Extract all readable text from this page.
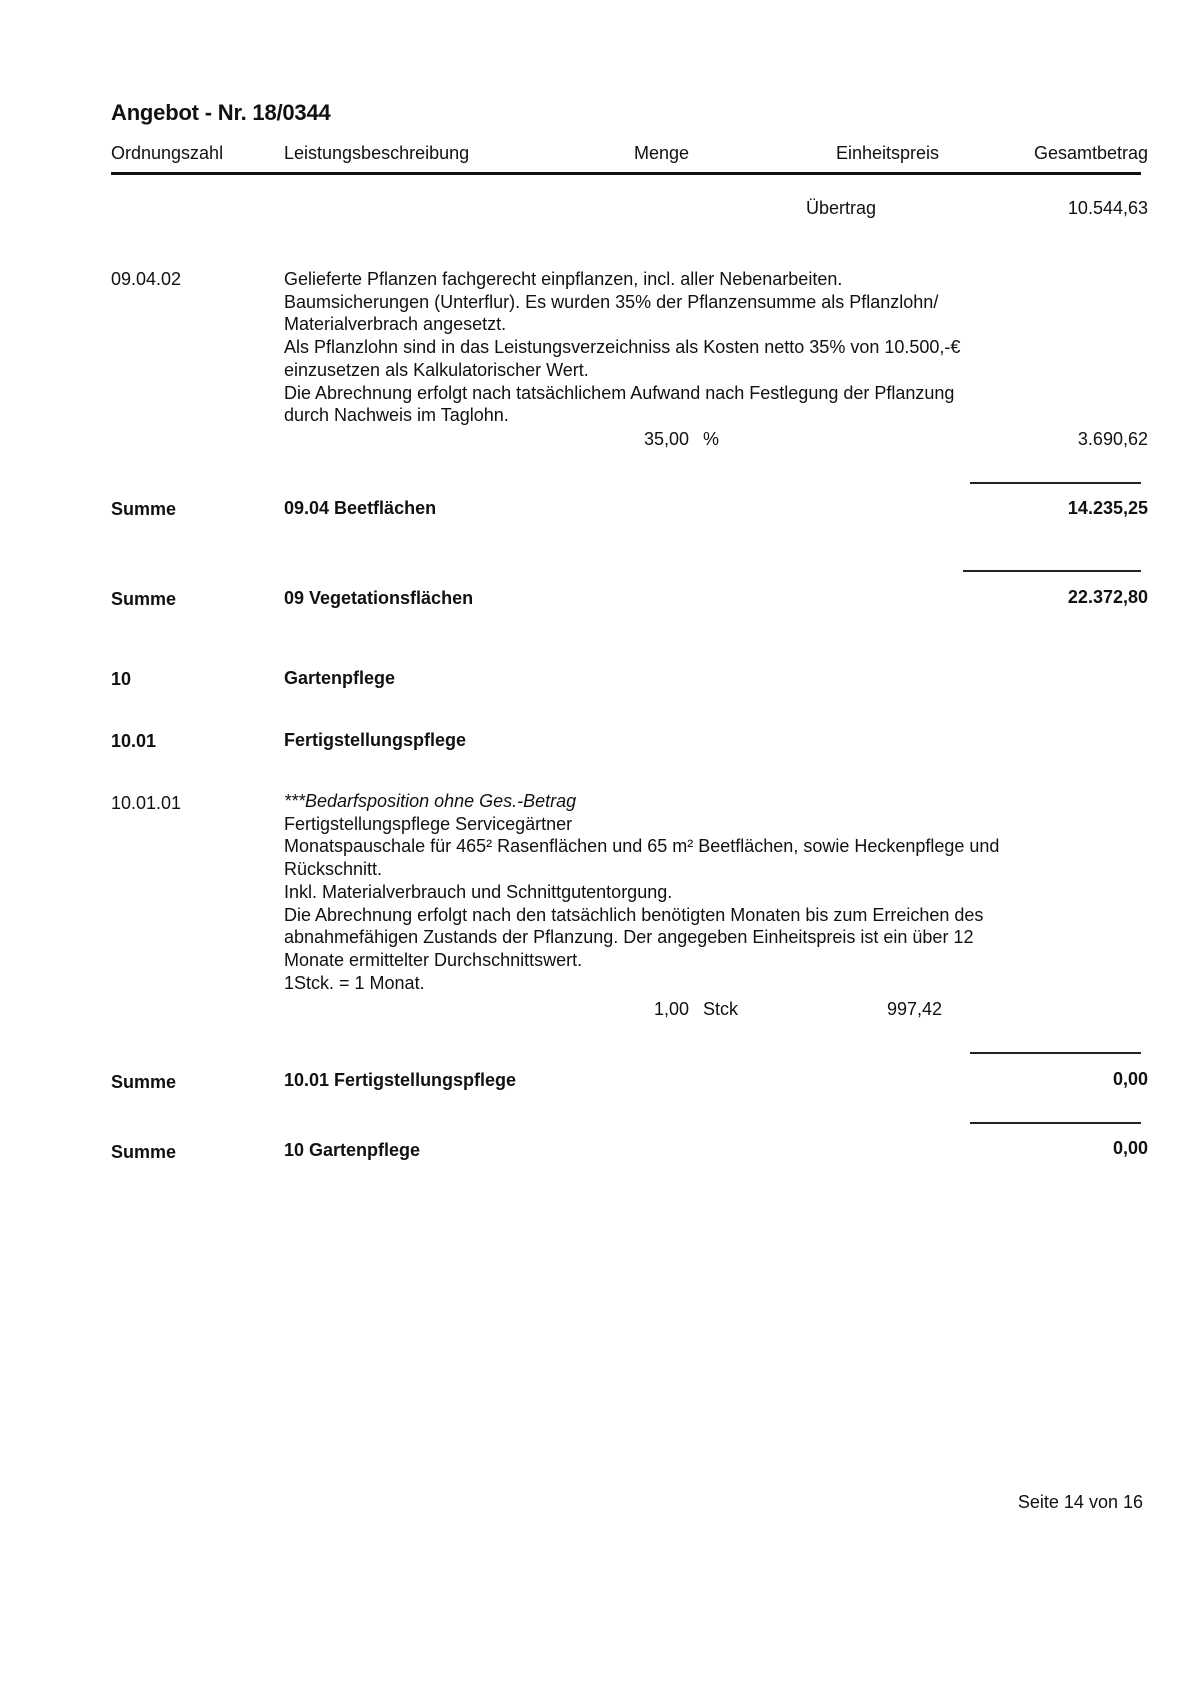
Angebot - Nr. 18/0344
Ordnungszahl	Leistungsbeschreibung	Menge	Einheitspreis	Gesamtbetrag
Übertrag	10.544,63
09.04.02	Gelieferte Pflanzen fachgerecht einpflanzen, incl. aller Nebenarbeiten.
Baumsicherungen (Unterflur). Es wurden 35% der Pflanzensumme als Pflanzlohn/
Materialverbrach angesetzt.
Als Pflanzlohn sind in das Leistungsverzeichniss als Kosten netto 35% von 10.500,-€
einzusetzen als Kalkulatorischer Wert.
Die Abrechnung erfolgt nach tatsächlichem Aufwand nach Festlegung der Pflanzung
durch Nachweis im Taglohn.
35,00 %	3.690,62
Summe	09.04 Beetflächen	14.235,25
Summe	09 Vegetationsflächen	22.372,80
10	Gartenpflege
10.01	Fertigstellungspflege
10.01.01	***Bedarfsposition ohne Ges.-Betrag
Fertigstellungspflege Servicegärtner
Monatspauschale für 465² Rasenflächen und 65 m² Beetflächen, sowie Heckenpflege und
Rückschnitt.
Inkl. Materialverbrauch und Schnittgutentorgung.
Die Abrechnung erfolgt nach den tatsächlich benötigten Monaten bis zum Erreichen des
abnahmefähigen Zustands der Pflanzung. Der angegeben Einheitspreis ist ein über 12
Monate ermittelter Durchschnittswert.
1Stck. = 1 Monat.
1,00 Stck	997,42
Summe	10.01 Fertigstellungspflege	0,00
Summe	10 Gartenpflege	0,00
Seite 14 von 16
